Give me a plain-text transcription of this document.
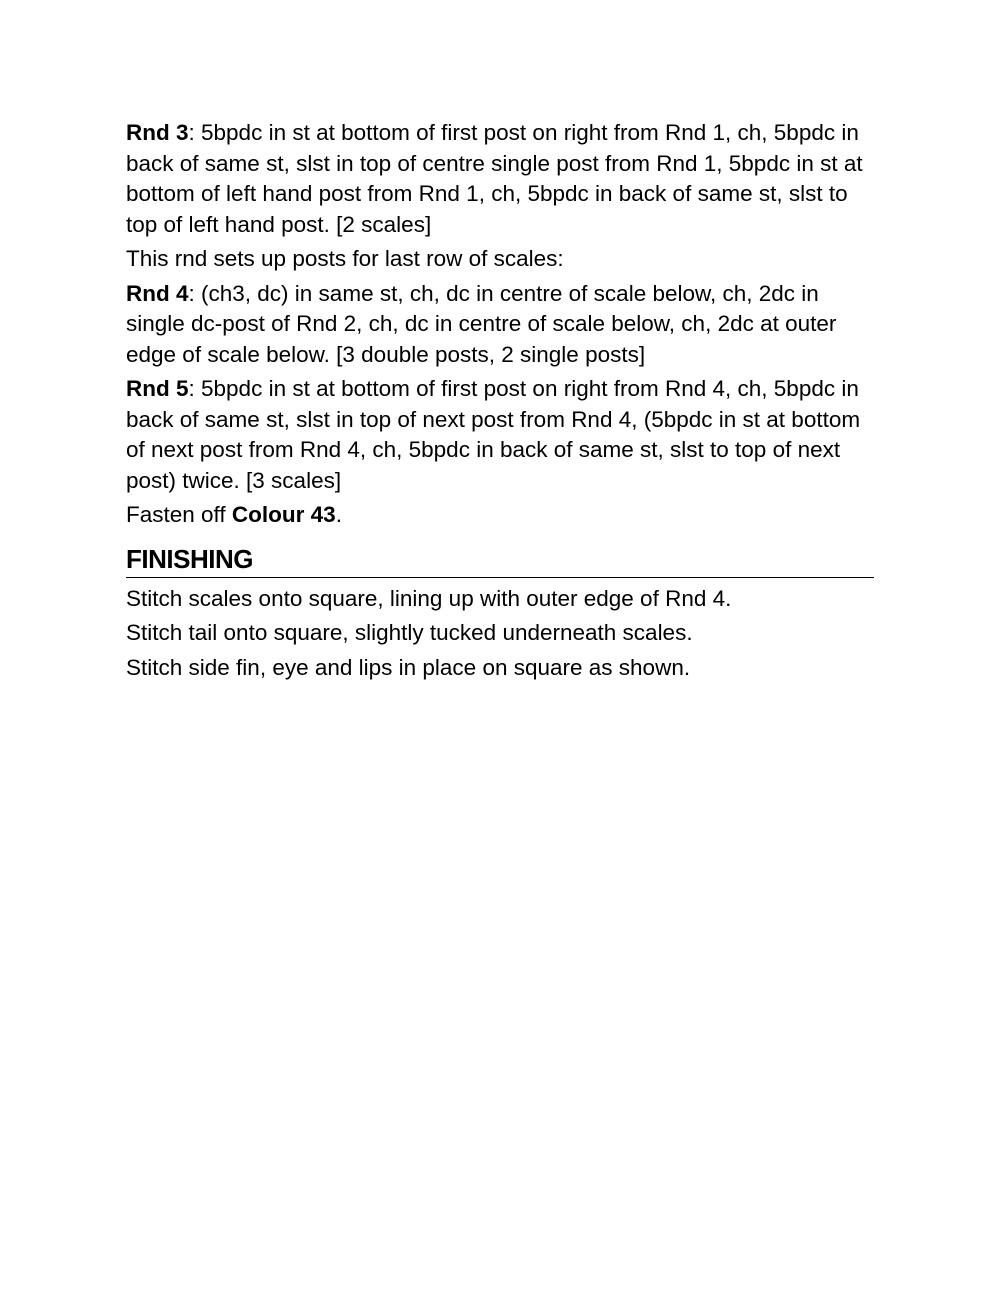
Rnd 3: 5bpdc in st at bottom of first post on right from Rnd 1, ch, 5bpdc in back of same st, slst in top of centre single post from Rnd 1, 5bpdc in st at bottom of left hand post from Rnd 1, ch, 5bpdc in back of same st, slst to top of left hand post. [2 scales]

This rnd sets up posts for last row of scales:

Rnd 4: (ch3, dc) in same st, ch, dc in centre of scale below, ch, 2dc in single dc-post of Rnd 2, ch, dc in centre of scale below, ch, 2dc at outer edge of scale below. [3 double posts, 2 single posts]

Rnd 5: 5bpdc in st at bottom of first post on right from Rnd 4, ch, 5bpdc in back of same st, slst in top of next post from Rnd 4, (5bpdc in st at bottom of next post from Rnd 4, ch, 5bpdc in back of same st, slst to top of next post) twice. [3 scales]

Fasten off Colour 43.

FINISHING

Stitch scales onto square, lining up with outer edge of Rnd 4.

Stitch tail onto square, slightly tucked underneath scales.

Stitch side fin, eye and lips in place on square as shown.
